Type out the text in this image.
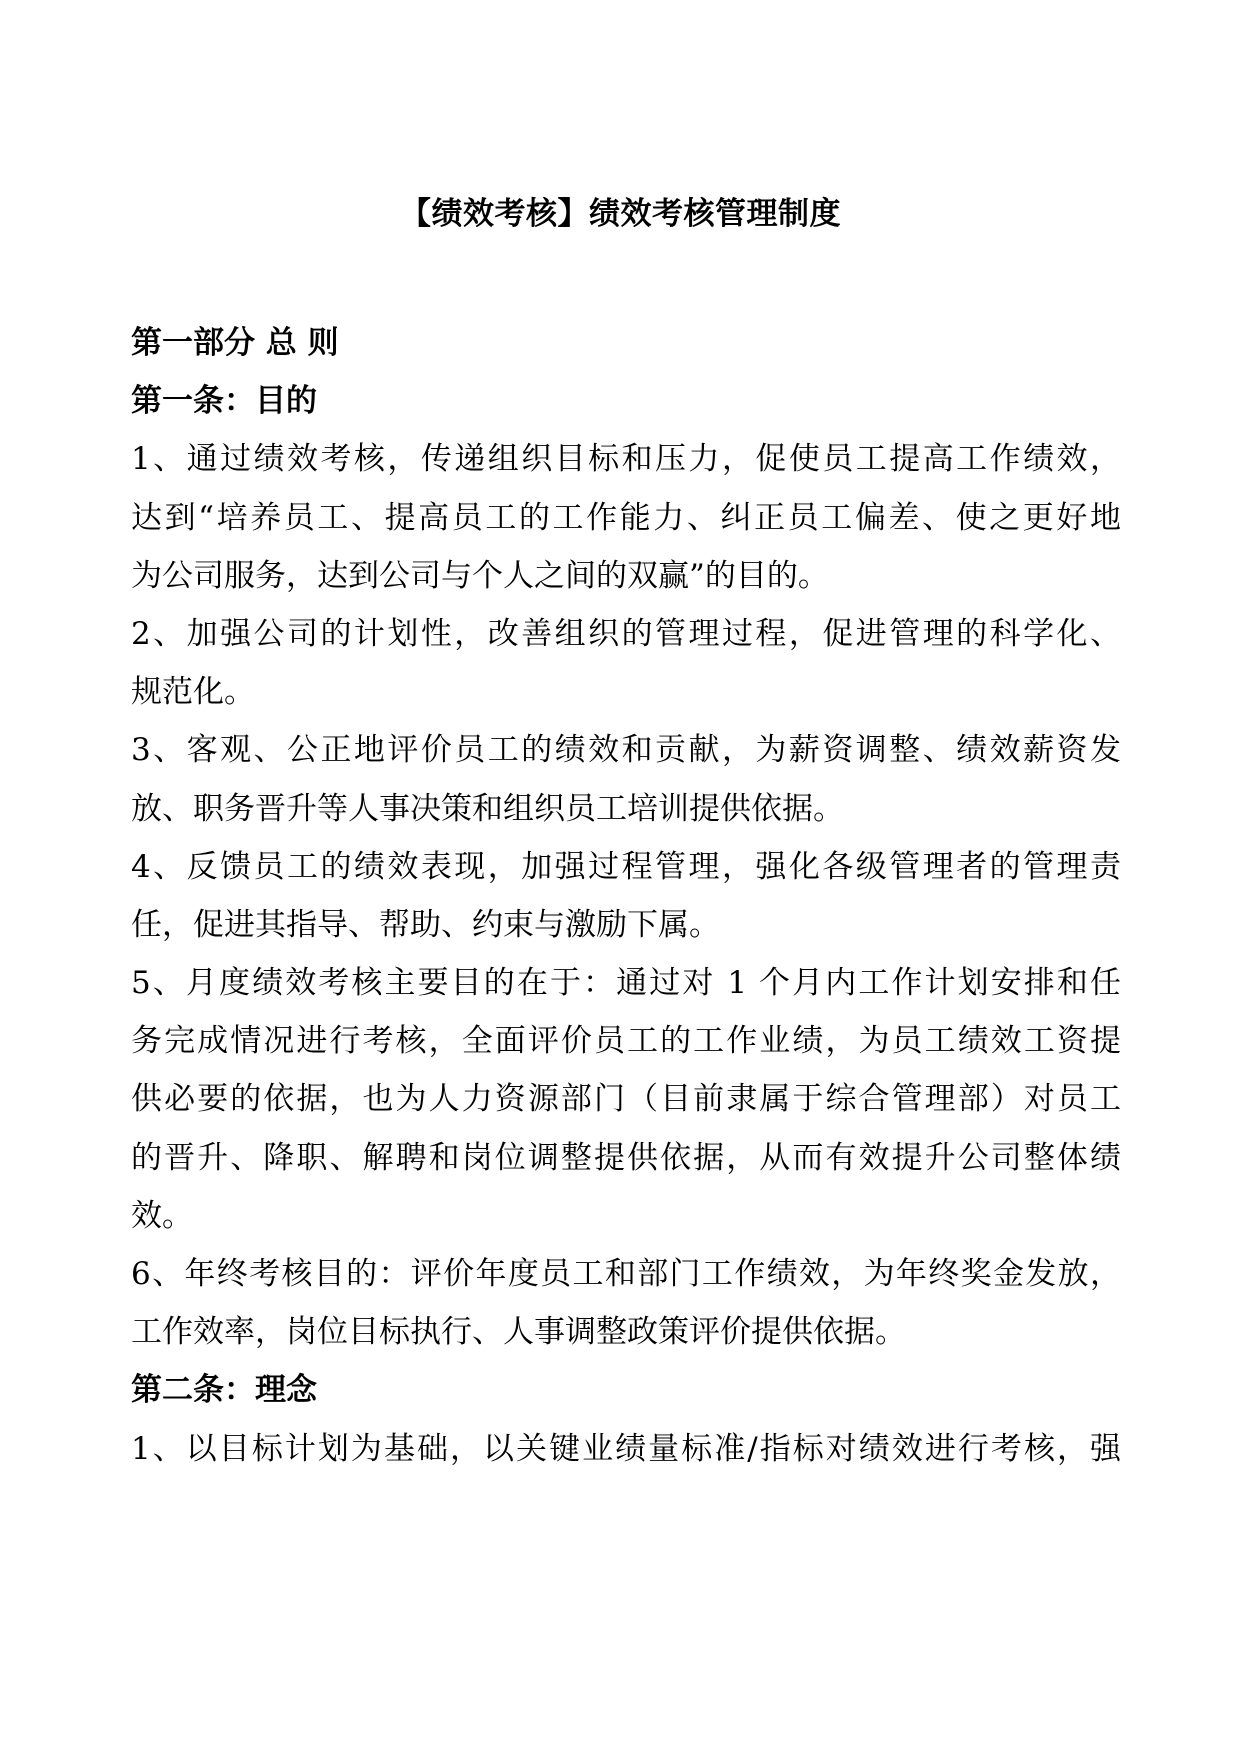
【绩效考核】绩效考核管理制度
第一部分 总 则
第一条：目的
1、通过绩效考核，传递组织目标和压力，促使员工提高工作绩效，
达到“培养员工、提高员工的工作能力、纠正员工偏差、使之更好地
为公司服务，达到公司与个人之间的双赢”的目的。
2、加强公司的计划性，改善组织的管理过程，促进管理的科学化、
规范化。
3、客观、公正地评价员工的绩效和贡献，为薪资调整、绩效薪资发
放、职务晋升等人事决策和组织员工培训提供依据。
4、反馈员工的绩效表现，加强过程管理，强化各级管理者的管理责
任，促进其指导、帮助、约束与激励下属。
5、月度绩效考核主要目的在于：通过对 1 个月内工作计划安排和任
务完成情况进行考核，全面评价员工的工作业绩，为员工绩效工资提
供必要的依据，也为人力资源部门（目前隶属于综合管理部）对员工
的晋升、降职、解聘和岗位调整提供依据，从而有效提升公司整体绩
效。
6、年终考核目的：评价年度员工和部门工作绩效，为年终奖金发放，
工作效率，岗位目标执行、人事调整政策评价提供依据。
第二条：理念
1、以目标计划为基础，以关键业绩量标准/指标对绩效进行考核，强
